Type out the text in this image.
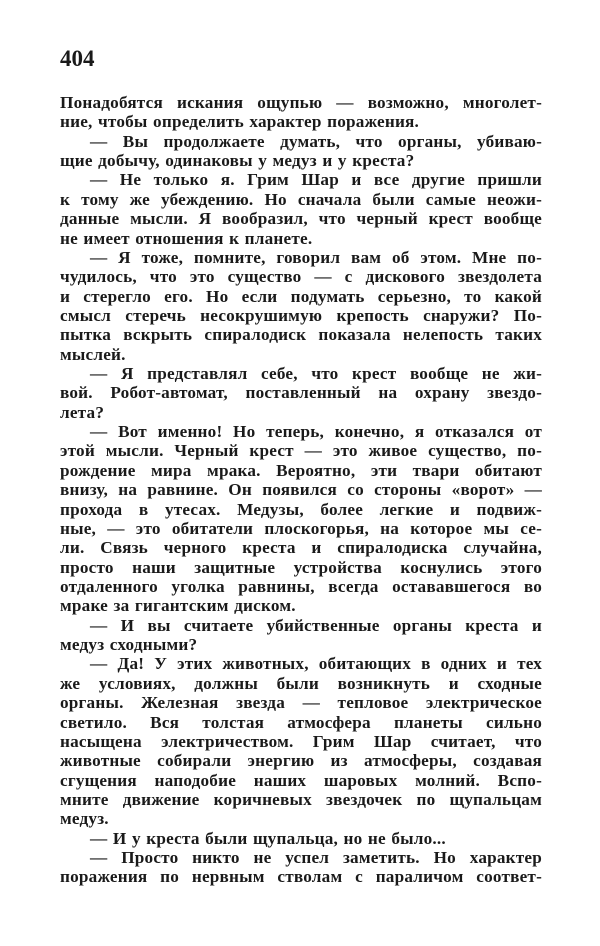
404
Понадобятся искания ощупью — возможно, многолет-
ние, чтобы определить характер поражения.
— Вы продолжаете думать, что органы, убиваю-
щие добычу, одинаковы у медуз и у креста?
— Не только я. Грим Шар и все другие пришли
к тому же убеждению. Но сначала были самые неожи-
данные мысли. Я вообразил, что черный крест вообще
не имеет отношения к планете.
— Я тоже, помните, говорил вам об этом. Мне по-
чудилось, что это существо — с дискового звездолета
и стерегло его. Но если подумать серьезно, то какой
смысл стеречь несокрушимую крепость снаружи? По-
пытка вскрыть спиралодиск показала нелепость таких
мыслей.
— Я представлял себе, что крест вообще не жи-
вой. Робот-автомат, поставленный на охрану звездо-
лета?
— Вот именно! Но теперь, конечно, я отказался от
этой мысли. Черный крест — это живое существо, по-
рождение мира мрака. Вероятно, эти твари обитают
внизу, на равнине. Он появился со стороны «ворот» —
прохода в утесах. Медузы, более легкие и подвиж-
ные, — это обитатели плоскогорья, на которое мы се-
ли. Связь черного креста и спиралодиска случайна,
просто наши защитные устройства коснулись этого
отдаленного уголка равнины, всегда остававшегося во
мраке за гигантским диском.
— И вы считаете убийственные органы креста и
медуз сходными?
— Да! У этих животных, обитающих в одних и тех
же условиях, должны были возникнуть и сходные
органы. Железная звезда — тепловое электрическое
светило. Вся толстая атмосфера планеты сильно
насыщена электричеством. Грим Шар считает, что
животные собирали энергию из атмосферы, создавая
сгущения наподобие наших шаровых молний. Вспо-
мните движение коричневых звездочек по щупальцам
медуз.
— И у креста были щупальца, но не было...
— Просто никто не успел заметить. Но характер
поражения по нервным стволам с параличом соответ-
